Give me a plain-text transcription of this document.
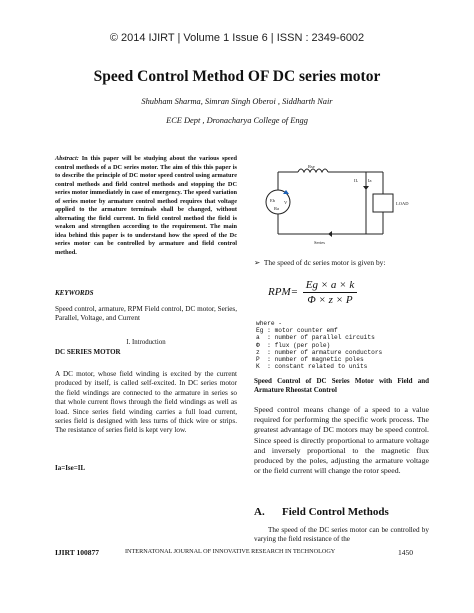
© 2014 IJIRT | Volume 1 Issue 6 | ISSN : 2349-6002
Speed Control Method OF DC series motor
Shubham Sharma, Simran Singh Oberoi , Siddharth Nair
ECE Dept , Dronacharya College of Engg
Abstract: In this paper will be studying about the various speed control methods of a DC series motor. The aim of this this paper is to describe the principle of DC motor speed control using armature control methods and field control methods and stopping the DC series motor immediately in case of emergency. The speed variation of series motor by armature control method requires that voltage applied to the armature terminals shall be changed, without alternating the field current. In field control method the field is weaken and strengthen according to the requirement. The main idea behind this paper is to understand how the speed of the Dc series motor can be controlled by armature and field control method.
KEYWORDS
Speed control, armature, RPM Field control, DC motor, Series, Parallel, Voltage, and Current
I. Introduction
DC SERIES MOTOR
A DC motor, whose field winding is excited by the current produced by itself, is called self-excited. In DC series motor the field windings are connected to the armature in series so that whole current flows through the field windings as well as load. Since series field winding carries a full load current, series field is designed with less turns of thick wire or strips. The resistance of series field is kept very low.
Ia=Ise=IL
Rse
Ia
IL
Eb
Ra
V	LOAD
Series
➢ The speed of dc series motor is given by:
$RPM= \frac{Eg \times a \times k}{\Phi \times z \times P}$
where -
Eg : motor counter emf
a  : number of parallel circuits
Φ  : flux (per pole)
z  : number of armature conductors
P  : number of magnetic poles
K  : constant related to units
Speed Control of DC Series Motor with Field and Armature Rheostat Control
Speed control means change of a speed to a value required for performing the specific work process. The greatest advantage of DC motors may be speed control. Since speed is directly proportional to armature voltage and inversely proportional to the magnetic flux produced by the poles, adjusting the armature voltage or the field current will change the rotor speed.
A. Field Control Methods
The speed of the DC series motor can be controlled by varying the field resistance of the
IJIRT 100877	INTERNATONAL JOURNAL OF INNOVATIVE RESEARCH IN TECHNOLOGY	1450
